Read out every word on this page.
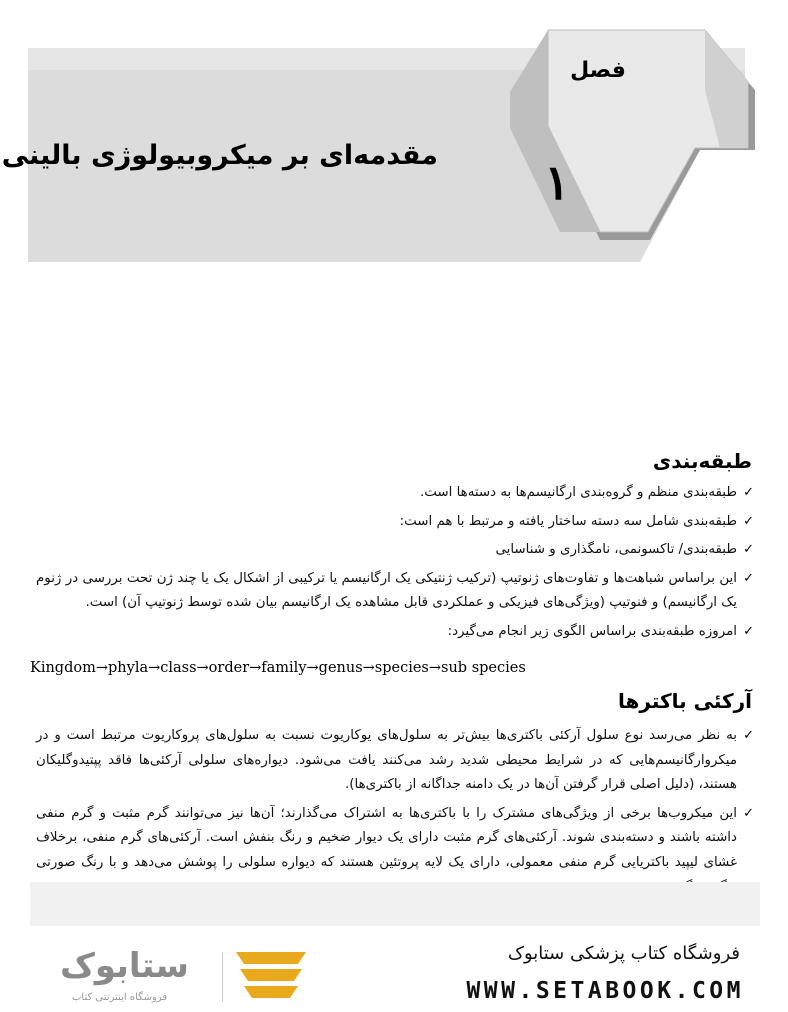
فصل
۱
مقدمه‌ای بر میکروبیولوژی بالینی
طبقه‌بندی
✓
طبقه‌بندی منظم و گروه‌بندی ارگانیسم‌ها به دسته‌ها است.
✓
طبقه‌بندی شامل سه دسته ساختار یافته و مرتبط با هم است:
✓
طبقه‌بندی/ تاکسونمی، نامگذاری و شناسایی
✓
این براساس شباهت‌ها و تفاوت‌های ژنوتیپ (ترکیب ژنتیکی یک ارگانیسم یا ترکیبی از اشکال یک یا چند ژن تحت بررسی در ژنوم یک ارگانیسم) و فنوتیپ (ویژگی‌های فیزیکی و عملکردی قابل مشاهده یک ارگانیسم بیان شده توسط ژنوتیپ آن) است.
✓
امروزه طبقه‌بندی براساس الگوی زیر انجام می‌گیرد:
Kingdom→phyla→class→order→family→genus→species→sub species
آرکئی باکترها
✓
به نظر می‌رسد نوع سلول آرکئی باکتری‌ها بیش‌تر به سلول‌های یوکاریوت نسبت به سلول‌های پروکاریوت مرتبط است و در میکروارگانیسم‌هایی که در شرایط محیطی شدید رشد می‌کنند یافت می‌شود. دیواره‌های سلولی آرکئی‌ها فاقد پپتیدوگلیکان هستند، (دلیل اصلی قرار گرفتن آن‌ها در یک دامنه جداگانه از باکتری‌ها).
✓
این میکروب‌ها برخی از ویژگی‌های مشترک را با باکتری‌ها به اشتراک می‌گذارند؛ آن‌ها نیز می‌توانند گرم مثبت و گرم منفی داشته باشند و دسته‌بندی شوند. آرکئی‌های گرم مثبت دارای یک دیوار ضخیم و رنگ بنفش است. آرکئی‌های گرم منفی، برخلاف غشای لیپید باکتریایی گرم منفی معمولی، دارای یک لایه پروتئین هستند که دیواره سلولی را پوشش می‌دهد و با رنگ صورتی
فروشگاه کتاب پزشکی ستابوک
WWW.SETABOOK.COM
ستابوک
فروشگاه اینترنتی کتاب
